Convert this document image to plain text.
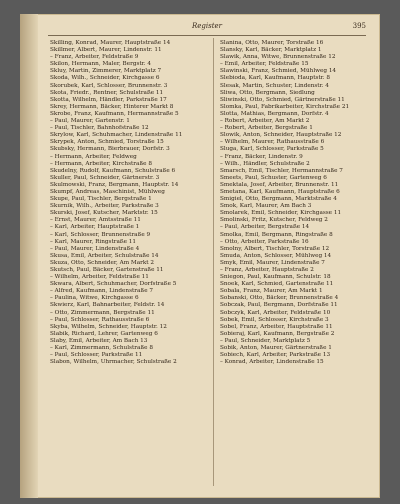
Register	395
Skilling, Konrad, Maurer, Hauptstraße 14
Skillmer, Albert, Maurer, Lindenstr. 11
– Franz, Arbeiter, Feldstraße 9
Skilon, Hermann, Maler, Bergstr. 4
Skluy, Martin, Zimmerer, Marktplatz 7
Skoda, Wilh., Schneider, Kirchgasse 6
Skorubek, Karl, Schlosser, Brunnenstr. 3
Skota, Friedr., Rentner, Schulstraße 11
Skotta, Wilhelm, Händler, Parkstraße 17
Skrey, Hermann, Bäcker, Hinterer Markt 8
Skrobe, Franz, Kaufmann, Hermannstraße 5
– Paul, Maurer, Gartenstr. 1
– Paul, Tischler, Bahnhofstraße 12
Skrylow, Karl, Schuhmacher, Lindenstraße 11
Skrypek, Anton, Schmied, Torstraße 15
Skubsky, Hermann, Bierbrauer, Dorfstr. 3
– Hermann, Arbeiter, Feldweg
– Hermann, Arbeiter, Kirchstraße 8
Skudelny, Rudolf, Kaufmann, Schulstraße 6
Skuller, Paul, Schneider, Gärtnerstr. 3
Skulmowski, Franz, Bergmann, Hauptstr. 14
Skumpf, Andreas, Maschinist, Mühlweg
Skupe, Paul, Tischler, Bergstraße 1
Skurnik, Wilh., Arbeiter, Parkstraße 3
Skurski, Josef, Kutscher, Marktstr. 15
– Ernst, Maurer, Amtsstraße 11
– Karl, Arbeiter, Hauptstraße 1
– Karl, Schlosser, Brunnenstraße 9
– Karl, Maurer, Ringstraße 11
– Paul, Maurer, Lindenstraße 4
Skusa, Emil, Arbeiter, Schulstraße 14
Skuza, Otto, Schneider, Am Markt 2
Skutsch, Paul, Bäcker, Gartenstraße 11
– Wilhelm, Arbeiter, Feldstraße 11
Skwara, Albert, Schuhmacher, Dorfstraße 5
– Alfred, Kaufmann, Lindenstraße 7
– Paulina, Witwe, Kirchgasse 6
Skwierz, Karl, Bahnarbeiter, Feldstr. 14
– Otto, Zimmermann, Bergstraße 11
– Paul, Schlosser, Rathausstraße 6
Skyba, Wilhelm, Schneider, Hauptstr. 12
Slabik, Richard, Lehrer, Gartenweg 6
Slaby, Emil, Arbeiter, Am Bach 13
– Karl, Zimmermann, Schulstraße 8
– Paul, Schlosser, Parkstraße 11
Slabon, Wilhelm, Uhrmacher, Schulstraße 2
Slanina, Otto, Maurer, Torstraße 16
Slansky, Karl, Bäcker, Marktplatz 1
Slawik, Anna, Witwe, Brunnenstraße 12
– Emil, Arbeiter, Feldstraße 15
Slawinski, Franz, Schmied, Mühlweg 14
Slebioda, Karl, Kaufmann, Hauptstr. 8
Slesak, Martin, Schuster, Lindenstr. 4
Sliwa, Otto, Bergmann, Siedlung
Sliwinski, Otto, Schmied, Gärtnerstraße 11
Slomka, Paul, Fabrikarbeiter, Kirchstraße 21
Slotta, Mathias, Bergmann, Dorfstr. 4
– Robert, Arbeiter, Am Markt 2
– Robert, Arbeiter, Bergstraße 1
Slowik, Anton, Schneider, Hauptstraße 12
– Wilhelm, Maurer, Rathausstraße 6
Sluga, Karl, Schlosser, Parkstraße 5
– Franz, Bäcker, Lindenstr. 9
– Wilh., Händler, Schulstraße 2
Smarsch, Emil, Tischler, Hermannstraße 7
Smeets, Paul, Schuster, Gartenweg 6
Smektala, Josef, Arbeiter, Brunnenstr. 11
Smetana, Karl, Kaufmann, Hauptstraße 6
Smigiel, Otto, Bergmann, Marktstraße 4
Smok, Karl, Maurer, Am Bach 3
Smolarek, Emil, Schneider, Kirchgasse 11
Smolinski, Fritz, Kutscher, Feldweg 2
– Paul, Arbeiter, Bergstraße 14
Smolka, Emil, Bergmann, Ringstraße 8
– Otto, Arbeiter, Parkstraße 16
Smolny, Albert, Tischler, Torstraße 12
Smuda, Anton, Schlosser, Mühlweg 14
Smyk, Emil, Maurer, Lindenstraße 7
– Franz, Arbeiter, Hauptstraße 2
Sniegon, Paul, Kaufmann, Schulstr. 18
Snoek, Karl, Schmied, Gartenstraße 11
Sobala, Franz, Maurer, Am Markt 1
Sobanski, Otto, Bäcker, Brunnenstraße 4
Sobczak, Paul, Bergmann, Dorfstraße 11
Sobczyk, Karl, Arbeiter, Feldstraße 10
Sobek, Emil, Schlosser, Kirchstraße 3
Sobel, Franz, Arbeiter, Hauptstraße 11
Sobieraj, Karl, Kaufmann, Bergstraße 2
– Paul, Schneider, Marktplatz 5
Sobik, Anton, Maurer, Gärtnerstraße 1
Sobiech, Karl, Arbeiter, Parkstraße 13
– Konrad, Arbeiter, Lindenstraße 15
